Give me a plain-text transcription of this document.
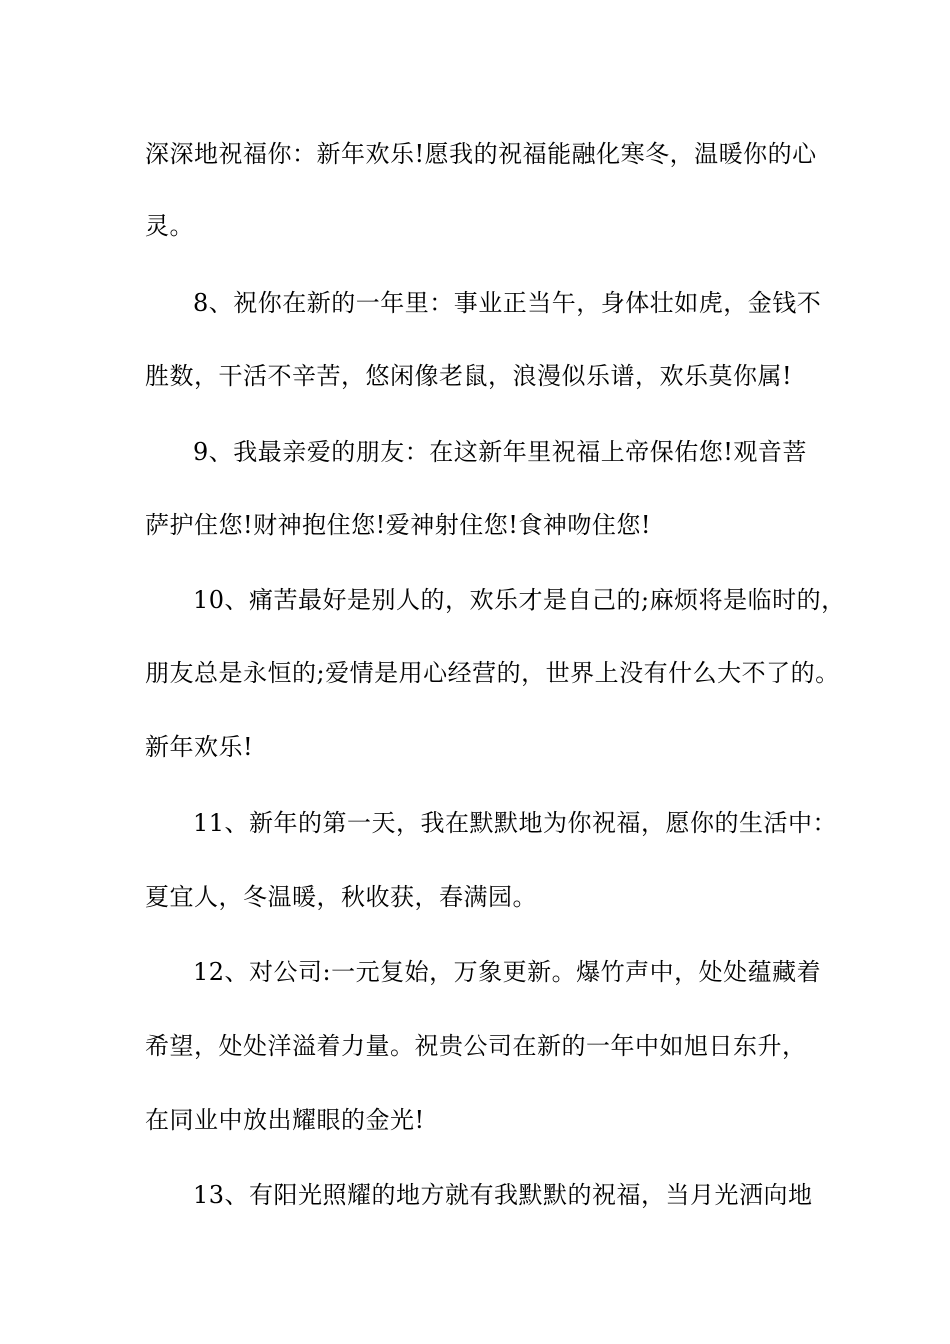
深深地祝福你：新年欢乐!愿我的祝福能融化寒冬，温暖你的心
灵。
8、祝你在新的一年里：事业正当午，身体壮如虎，金钱不
胜数，干活不辛苦，悠闲像老鼠，浪漫似乐谱，欢乐莫你属!
9、我最亲爱的朋友：在这新年里祝福上帝保佑您!观音菩
萨护住您!财神抱住您!爱神射住您!食神吻住您!
10、痛苦最好是别人的，欢乐才是自己的;麻烦将是临时的，
朋友总是永恒的;爱情是用心经营的，世界上没有什么大不了的。
新年欢乐!
11、新年的第一天，我在默默地为你祝福，愿你的生活中：
夏宜人，冬温暖，秋收获，春满园。
12、对公司:一元复始，万象更新。爆竹声中，处处蕴藏着
希望，处处洋溢着力量。祝贵公司在新的一年中如旭日东升，
在同业中放出耀眼的金光!
13、有阳光照耀的地方就有我默默的祝福，当月光洒向地
